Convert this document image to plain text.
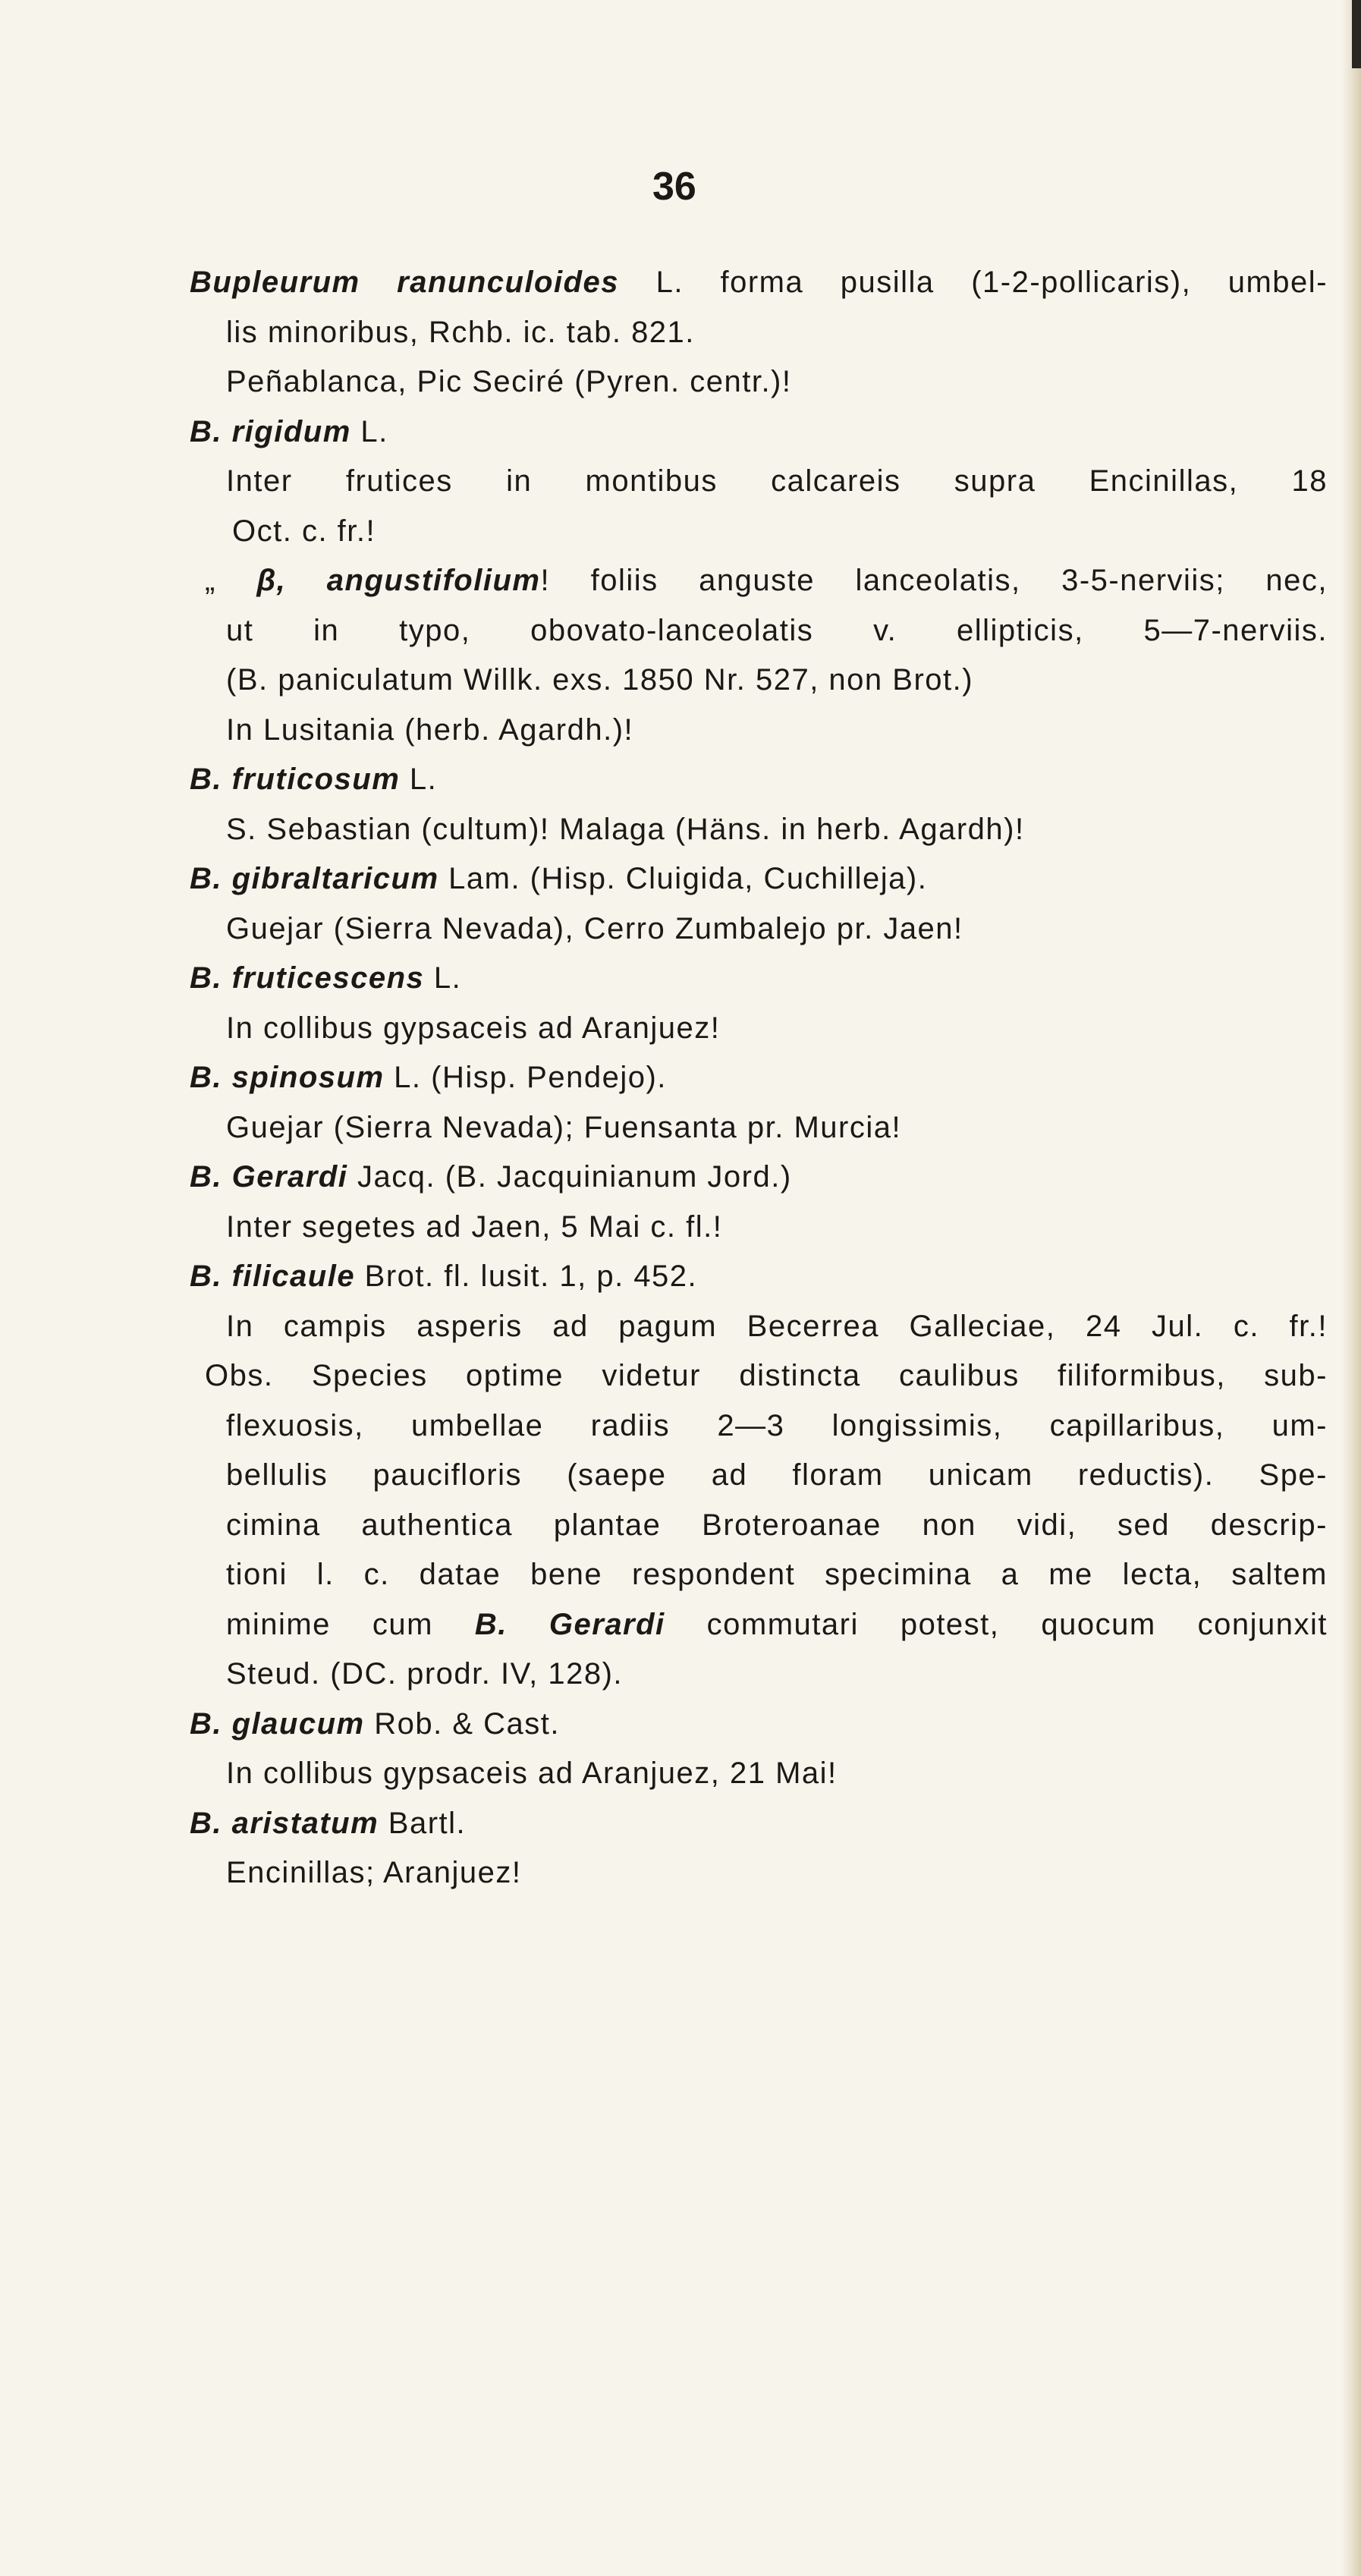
36
Bupleurum ranunculoides L. forma pusilla (1-2-pollicaris), umbel-
lis minoribus, Rchb. ic. tab. 821.
Peñablanca, Pic Seciré (Pyren. centr.)!
B. rigidum L.
Inter frutices in montibus calcareis supra Encinillas, 18
Oct. c. fr.!
„ β, angustifolium! foliis anguste lanceolatis, 3-5-nerviis; nec,
ut in typo, obovato-lanceolatis v. ellipticis, 5—7-nerviis.
(B. paniculatum Willk. exs. 1850 Nr. 527, non Brot.)
In Lusitania (herb. Agardh.)!
B. fruticosum L.
S. Sebastian (cultum)! Malaga (Häns. in herb. Agardh)!
B. gibraltaricum Lam. (Hisp. Cluigida, Cuchilleja).
Guejar (Sierra Nevada), Cerro Zumbalejo pr. Jaen!
B. fruticescens L.
In collibus gypsaceis ad Aranjuez!
B. spinosum L. (Hisp. Pendejo).
Guejar (Sierra Nevada); Fuensanta pr. Murcia!
B. Gerardi Jacq. (B. Jacquinianum Jord.)
Inter segetes ad Jaen, 5 Mai c. fl.!
B. filicaule Brot. fl. lusit. 1, p. 452.
In campis asperis ad pagum Becerrea Galleciae, 24 Jul. c. fr.!
Obs. Species optime videtur distincta caulibus filiformibus, sub-
flexuosis, umbellae radiis 2—3 longissimis, capillaribus, um-
bellulis paucifloris (saepe ad floram unicam reductis). Spe-
cimina authentica plantae Broteroanae non vidi, sed descrip-
tioni l. c. datae bene respondent specimina a me lecta, saltem
minime cum B. Gerardi commutari potest, quocum conjunxit
Steud. (DC. prodr. IV, 128).
B. glaucum Rob. & Cast.
In collibus gypsaceis ad Aranjuez, 21 Mai!
B. aristatum Bartl.
Encinillas; Aranjuez!
